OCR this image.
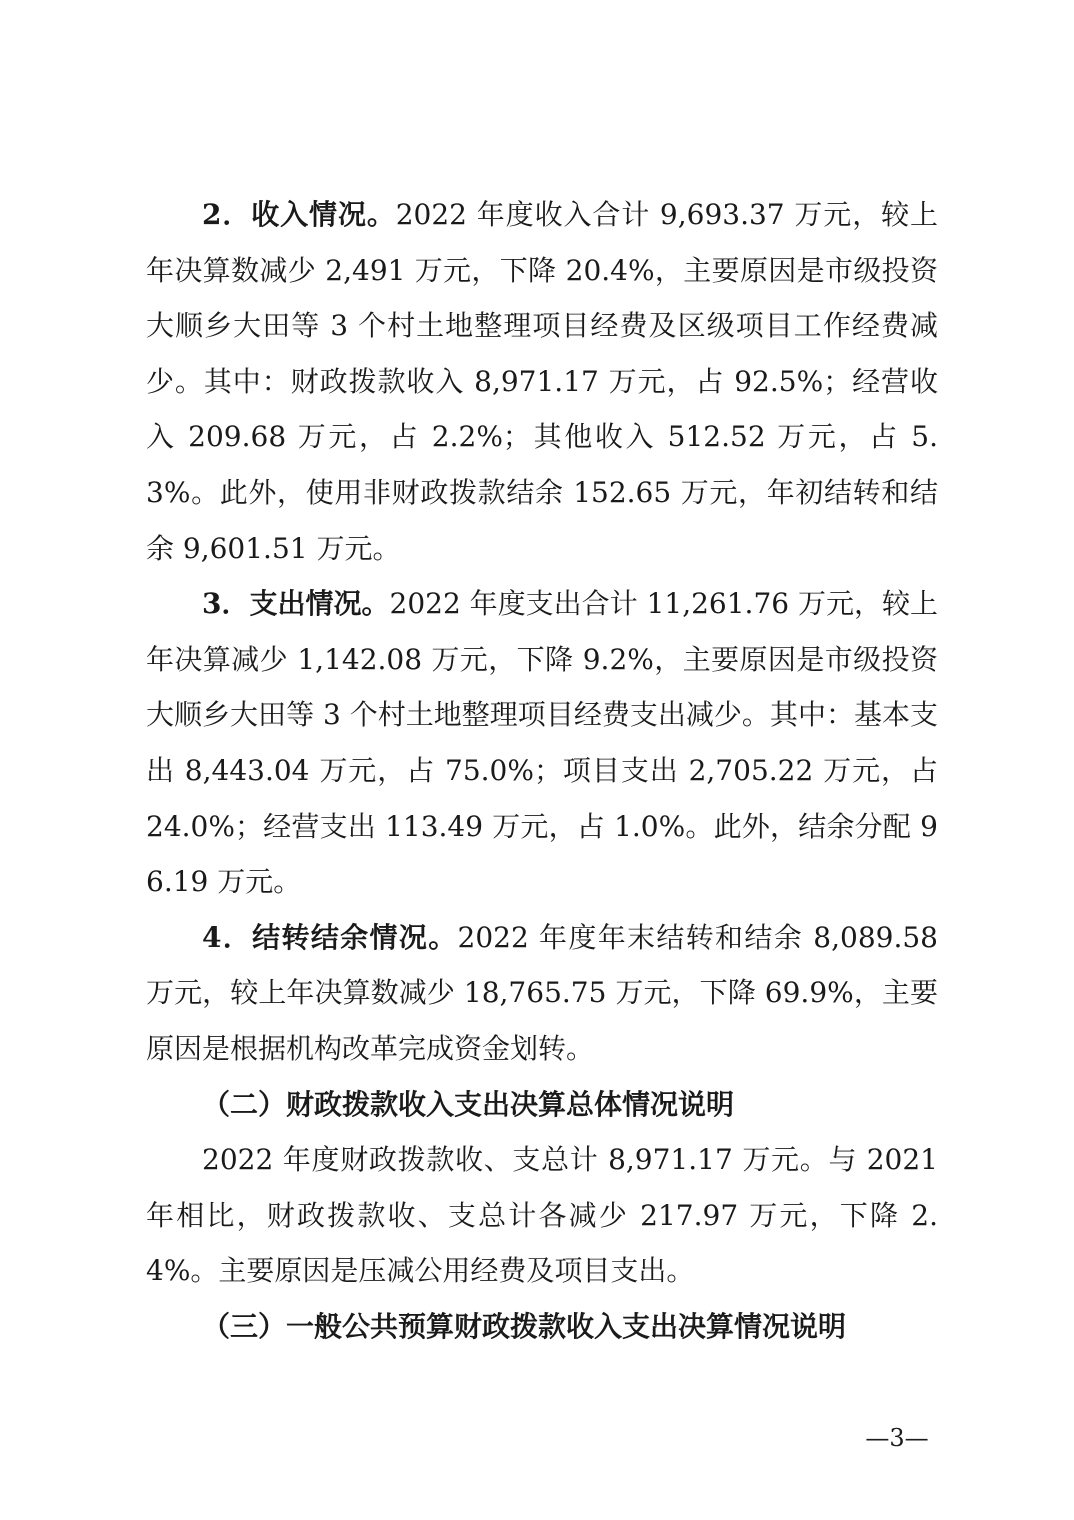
2．收入情况。2022 年度收入合计 9,693.37 万元，较上年决算数减少 2,491 万元，下降 20.4%，主要原因是市级投资大顺乡大田等 3 个村土地整理项目经费及区级项目工作经费减少。其中：财政拨款收入 8,971.17 万元，占 92.5%；经营收入 209.68 万元，占 2.2%；其他收入 512.52 万元，占 5.3%。此外，使用非财政拨款结余 152.65 万元，年初结转和结余 9,601.51 万元。

3．支出情况。2022 年度支出合计 11,261.76 万元，较上年决算减少 1,142.08 万元，下降 9.2%，主要原因是市级投资大顺乡大田等 3 个村土地整理项目经费支出减少。其中：基本支出 8,443.04 万元，占 75.0%；项目支出 2,705.22 万元，占 24.0%；经营支出 113.49 万元，占 1.0%。此外，结余分配 96.19 万元。

4．结转结余情况。2022 年度年末结转和结余 8,089.58 万元，较上年决算数减少 18,765.75 万元，下降 69.9%，主要原因是根据机构改革完成资金划转。

（二）财政拨款收入支出决算总体情况说明

2022 年度财政拨款收、支总计 8,971.17 万元。与 2021 年相比，财政拨款收、支总计各减少 217.97 万元，下降 2.4%。主要原因是压减公用经费及项目支出。

（三）一般公共预算财政拨款收入支出决算情况说明

—3—
